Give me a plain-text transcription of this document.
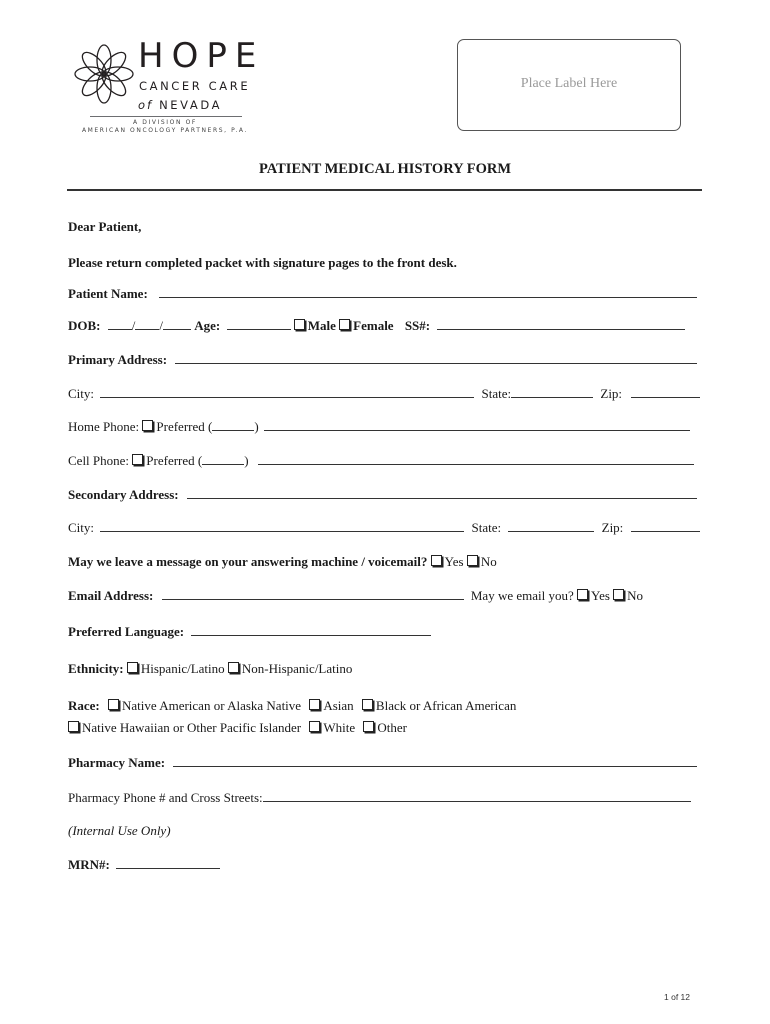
HOPE
CANCER CARE
of NEVADA
A DIVISION OF
AMERICAN ONCOLOGY PARTNERS, P.A.
Place Label Here
PATIENT MEDICAL HISTORY FORM
Dear Patient,
Please return completed packet with signature pages to the front desk.
Patient Name:
DOB: / / Age:	Male Female SS#:
Primary Address:
City:	State:	Zip:
Home Phone: Preferred (	)
Cell Phone: Preferred (	)
Secondary Address:
City:	State:	Zip:
May we leave a message on your answering machine / voicemail? Yes No
Email Address:	May we email you? Yes No
Preferred Language:
Ethnicity: Hispanic/Latino Non-Hispanic/Latino
Race: Native American or Alaska Native Asian Black or African American
Native Hawaiian or Other Pacific Islander White Other
Pharmacy Name:
Pharmacy Phone # and Cross Streets:
(Internal Use Only)
MRN#:
1 of 12
